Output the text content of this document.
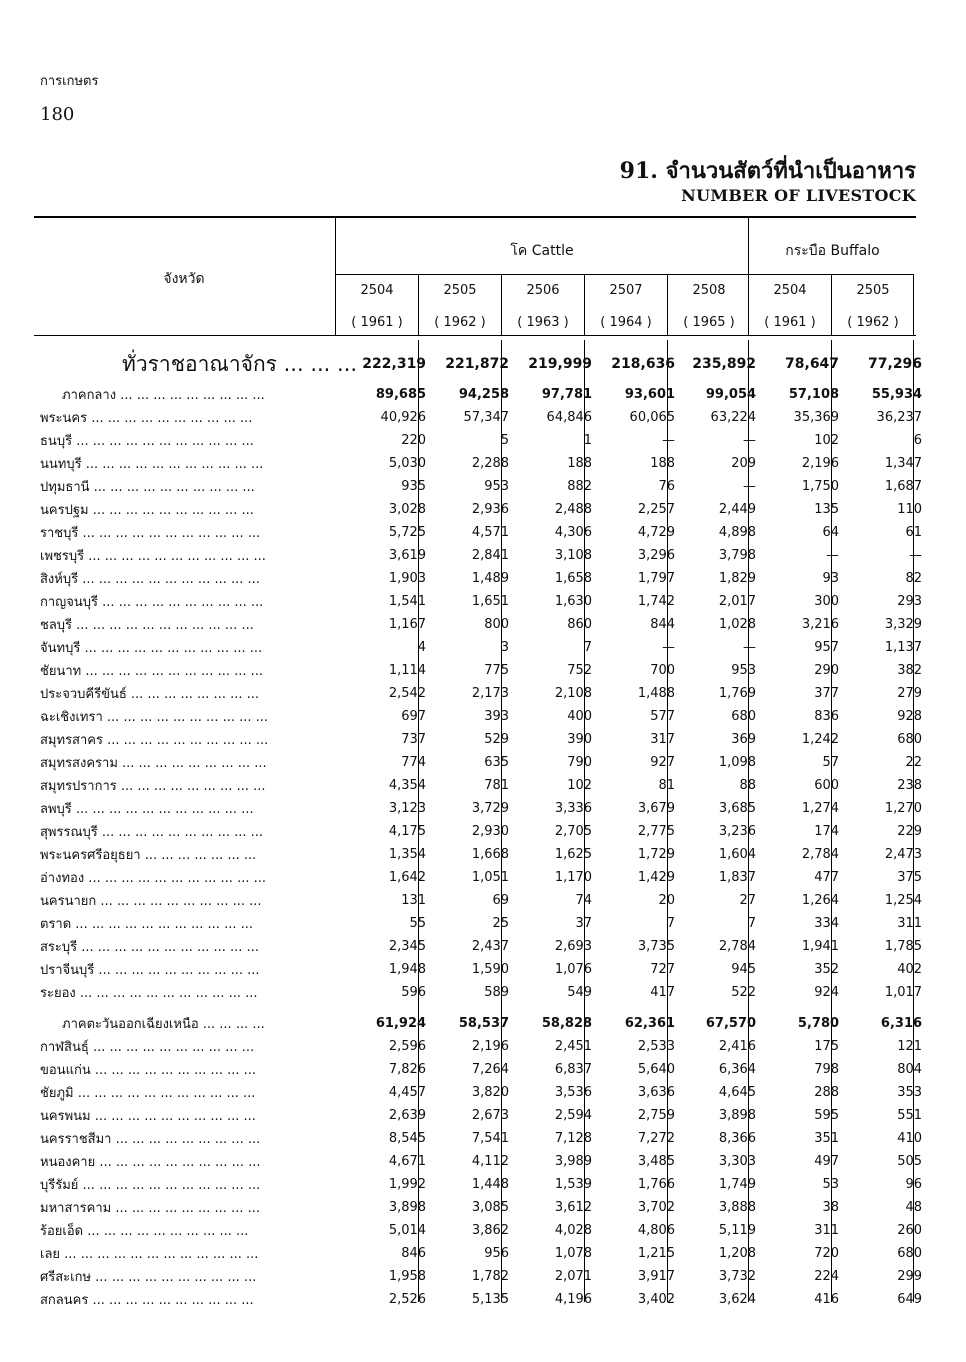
การเกษตร
180
91. จำนวนสัตว์ที่นำเป็นอาหาร
NUMBER OF LIVESTOCK
จังหวัด
โค Cattle	กระบือ Buffalo
2504	2505	2506	2507	2508	2504	2505
( 1961 )	( 1962 )	( 1963 )	( 1964 )	( 1965 )	( 1961 )	( 1962 )
ทั่วราชอาณาจักร ... ... ...	222,319	221,872	219,999	218,636	235,892	78,647	77,296
ภาคกลาง ... ... ... ... ... ... ... ... ...	89,685	94,258	97,781	93,601	99,054	57,108	55,934
พระนคร ... ... ... ... ... ... ... ... ... ...	40,926	57,347	64,846	60,065	63,224	35,369	36,237
ธนบุรี ... ... ... ... ... ... ... ... ... ... ...	220	5	1	—	—	102	6
นนทบุรี ... ... ... ... ... ... ... ... ... ... ...	5,030	2,288	188	188	209	2,196	1,347
ปทุมธานี ... ... ... ... ... ... ... ... ... ...	935	953	882	76	—	1,750	1,687
นครปฐม ... ... ... ... ... ... ... ... ... ...	3,028	2,936	2,488	2,257	2,449	135	110
ราชบุรี ... ... ... ... ... ... ... ... ... ... ...	5,725	4,571	4,306	4,729	4,898	64	61
เพชรบุรี ... ... ... ... ... ... ... ... ... ... ...	3,619	2,841	3,108	3,296	3,798	—	—
สิงห์บุรี ... ... ... ... ... ... ... ... ... ... ...	1,903	1,489	1,658	1,797	1,829	93	82
กาญจนบุรี ... ... ... ... ... ... ... ... ... ...	1,541	1,651	1,630	1,742	2,017	300	293
ชลบุรี ... ... ... ... ... ... ... ... ... ... ...	1,167	800	860	844	1,028	3,216	3,329
จันทบุรี ... ... ... ... ... ... ... ... ... ... ...	4	3	7	—	—	957	1,137
ชัยนาท ... ... ... ... ... ... ... ... ... ... ...	1,114	775	752	700	953	290	382
ประจวบคีรีขันธ์ ... ... ... ... ... ... ... ...	2,542	2,173	2,108	1,488	1,769	377	279
ฉะเชิงเทรา ... ... ... ... ... ... ... ... ... ...	697	393	400	577	680	836	928
สมุทรสาคร ... ... ... ... ... ... ... ... ... ...	737	529	390	317	369	1,242	680
สมุทรสงคราม ... ... ... ... ... ... ... ... ...	774	635	790	927	1,098	57	22
สมุทรปราการ ... ... ... ... ... ... ... ... ...	4,354	781	102	81	88	600	238
ลพบุรี ... ... ... ... ... ... ... ... ... ... ...	3,123	3,729	3,336	3,679	3,685	1,274	1,270
สุพรรณบุรี ... ... ... ... ... ... ... ... ... ...	4,175	2,930	2,705	2,775	3,236	174	229
พระนครศรีอยุธยา ... ... ... ... ... ... ...	1,354	1,668	1,625	1,729	1,604	2,784	2,473
อ่างทอง ... ... ... ... ... ... ... ... ... ... ...	1,642	1,051	1,170	1,429	1,837	477	375
นครนายก ... ... ... ... ... ... ... ... ... ...	131	69	74	20	27	1,264	1,254
ตราด ... ... ... ... ... ... ... ... ... ... ...	55	25	37	7	7	334	311
สระบุรี ... ... ... ... ... ... ... ... ... ... ...	2,345	2,437	2,693	3,735	2,784	1,941	1,785
ปราจีนบุรี ... ... ... ... ... ... ... ... ... ...	1,948	1,590	1,076	727	945	352	402
ระยอง ... ... ... ... ... ... ... ... ... ... ...	596	589	549	417	522	924	1,017

ภาคตะวันออกเฉียงเหนือ ... ... ... ...	61,924	58,537	58,828	62,361	67,570	5,780	6,316
กาฬสินธุ์ ... ... ... ... ... ... ... ... ... ...	2,596	2,196	2,451	2,533	2,416	175	121
ขอนแก่น ... ... ... ... ... ... ... ... ... ...	7,826	7,264	6,837	5,640	6,364	798	804
ชัยภูมิ ... ... ... ... ... ... ... ... ... ... ...	4,457	3,820	3,536	3,636	4,645	288	353
นครพนม ... ... ... ... ... ... ... ... ... ...	2,639	2,673	2,594	2,759	3,898	595	551
นครราชสีมา ... ... ... ... ... ... ... ... ...	8,545	7,541	7,128	7,272	8,366	351	410
หนองคาย ... ... ... ... ... ... ... ... ... ...	4,671	4,112	3,989	3,485	3,303	497	505
บุรีรัมย์ ... ... ... ... ... ... ... ... ... ... ...	1,992	1,448	1,539	1,766	1,749	53	96
มหาสารคาม ... ... ... ... ... ... ... ... ...	3,898	3,085	3,612	3,702	3,888	38	48
ร้อยเอ็ด ... ... ... ... ... ... ... ... ... ...	5,014	3,862	4,028	4,806	5,119	311	260
เลย ... ... ... ... ... ... ... ... ... ... ... ...	846	956	1,078	1,215	1,208	720	680
ศรีสะเกษ ... ... ... ... ... ... ... ... ... ...	1,958	1,782	2,071	3,917	3,732	224	299
สกลนคร ... ... ... ... ... ... ... ... ... ...	2,526	5,135	4,196	3,402	3,624	416	649
